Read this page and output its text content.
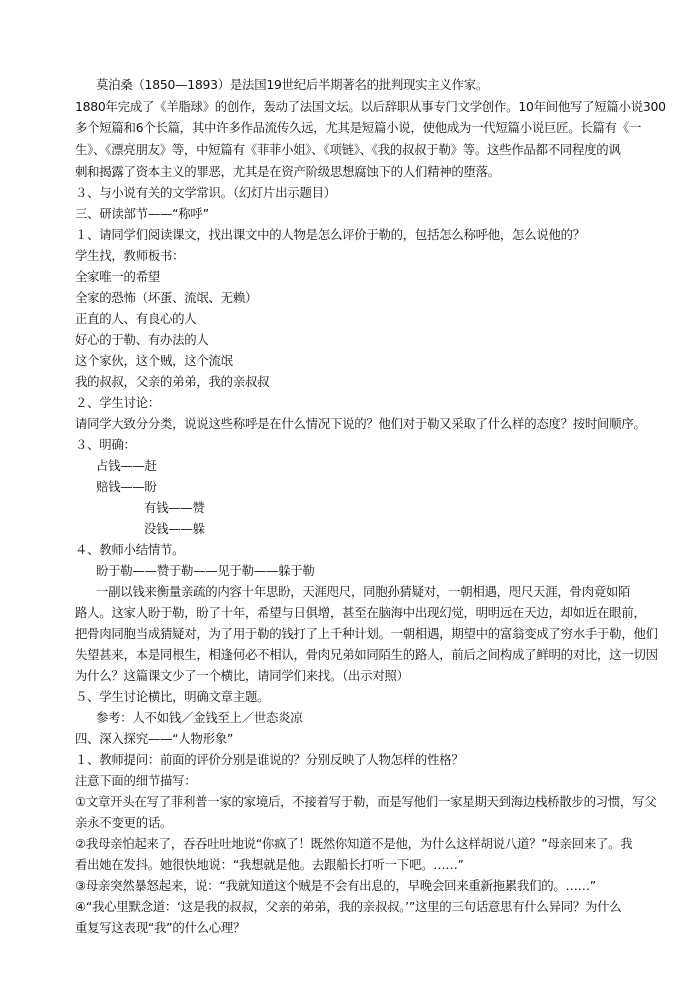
莫泊桑（1850—1893）是法国19世纪后半期著名的批判现实主义作家。
1880年完成了《羊脂球》的创作，轰动了法国文坛。以后辞职从事专门文学创作。10年间他写了短篇小说300
多个短篇和6个长篇，其中许多作品流传久远，尤其是短篇小说，使他成为一代短篇小说巨匠。长篇有《一
生》、《漂亮朋友》等，中短篇有《菲菲小姐》、《项链》、《我的叔叔于勒》等。这些作品都不同程度的讽
刺和揭露了资本主义的罪恶，尤其是在资产阶级思想腐蚀下的人们精神的堕落。
３、与小说有关的文学常识。（幻灯片出示题目）
三、研读部节——“称呼”
１、请同学们阅读课文，找出课文中的人物是怎么评价于勒的，包括怎么称呼他，怎么说他的？
学生找，教师板书：
全家唯一的希望
全家的恐怖（坏蛋、流氓、无赖）
正直的人、有良心的人
好心的于勒、有办法的人
这个家伙，这个贼，这个流氓
我的叔叔，父亲的弟弟，我的亲叔叔
２、学生讨论：
请同学大致分分类，说说这些称呼是在什么情况下说的？他们对于勒又采取了什么样的态度？按时间顺序。
３、明确：
占钱——赶
赔钱——盼
有钱——赞
没钱——躲
４、教师小结情节。
盼于勒——赞于勒——见于勒——躲于勒
一副以钱来衡量亲疏的内容十年思盼，天涯咫尺，同胞孙猜疑对，一朝相遇，咫尺天涯，骨肉竟如陌
路人。这家人盼于勒，盼了十年，希望与日俱增，甚至在脑海中出现幻觉，明明远在天边，却如近在眼前，
把骨肉同胞当成猜疑对，为了用于勒的钱打了上千种计划。一朝相遇，期望中的富翁变成了穷水手于勒，他们
失望甚来，本是同根生，相逢何必不相认，骨肉兄弟如同陌生的路人，前后之间构成了鲜明的对比，这一切因
为什么？这篇课文少了一个横比，请同学们来找。（出示对照）
５、学生讨论横比，明确文章主题。
参考：人不如钱／金钱至上／世态炎凉
四、深入探究——“人物形象”
１、教师提问：前面的评价分别是谁说的？分别反映了人物怎样的性格？
注意下面的细节描写：
①文章开头在写了菲利普一家的家境后，不接着写于勒，而是写他们一家星期天到海边栈桥散步的习惯，写父
亲永不变更的话。
②我母亲怕起来了，吞吞吐吐地说“你疯了！既然你知道不是他，为什么这样胡说八道？”母亲回来了。我
看出她在发抖。她很快地说：“我想就是他。去跟船长打听一下吧。……”
③母亲突然暴怒起来，说：“我就知道这个贼是不会有出息的，早晚会回来重新拖累我们的。……”
④“我心里默念道：‘这是我的叔叔，父亲的弟弟，我的亲叔叔。’”这里的三句话意思有什么异同？为什么
重复写这表现“我”的什么心理？
